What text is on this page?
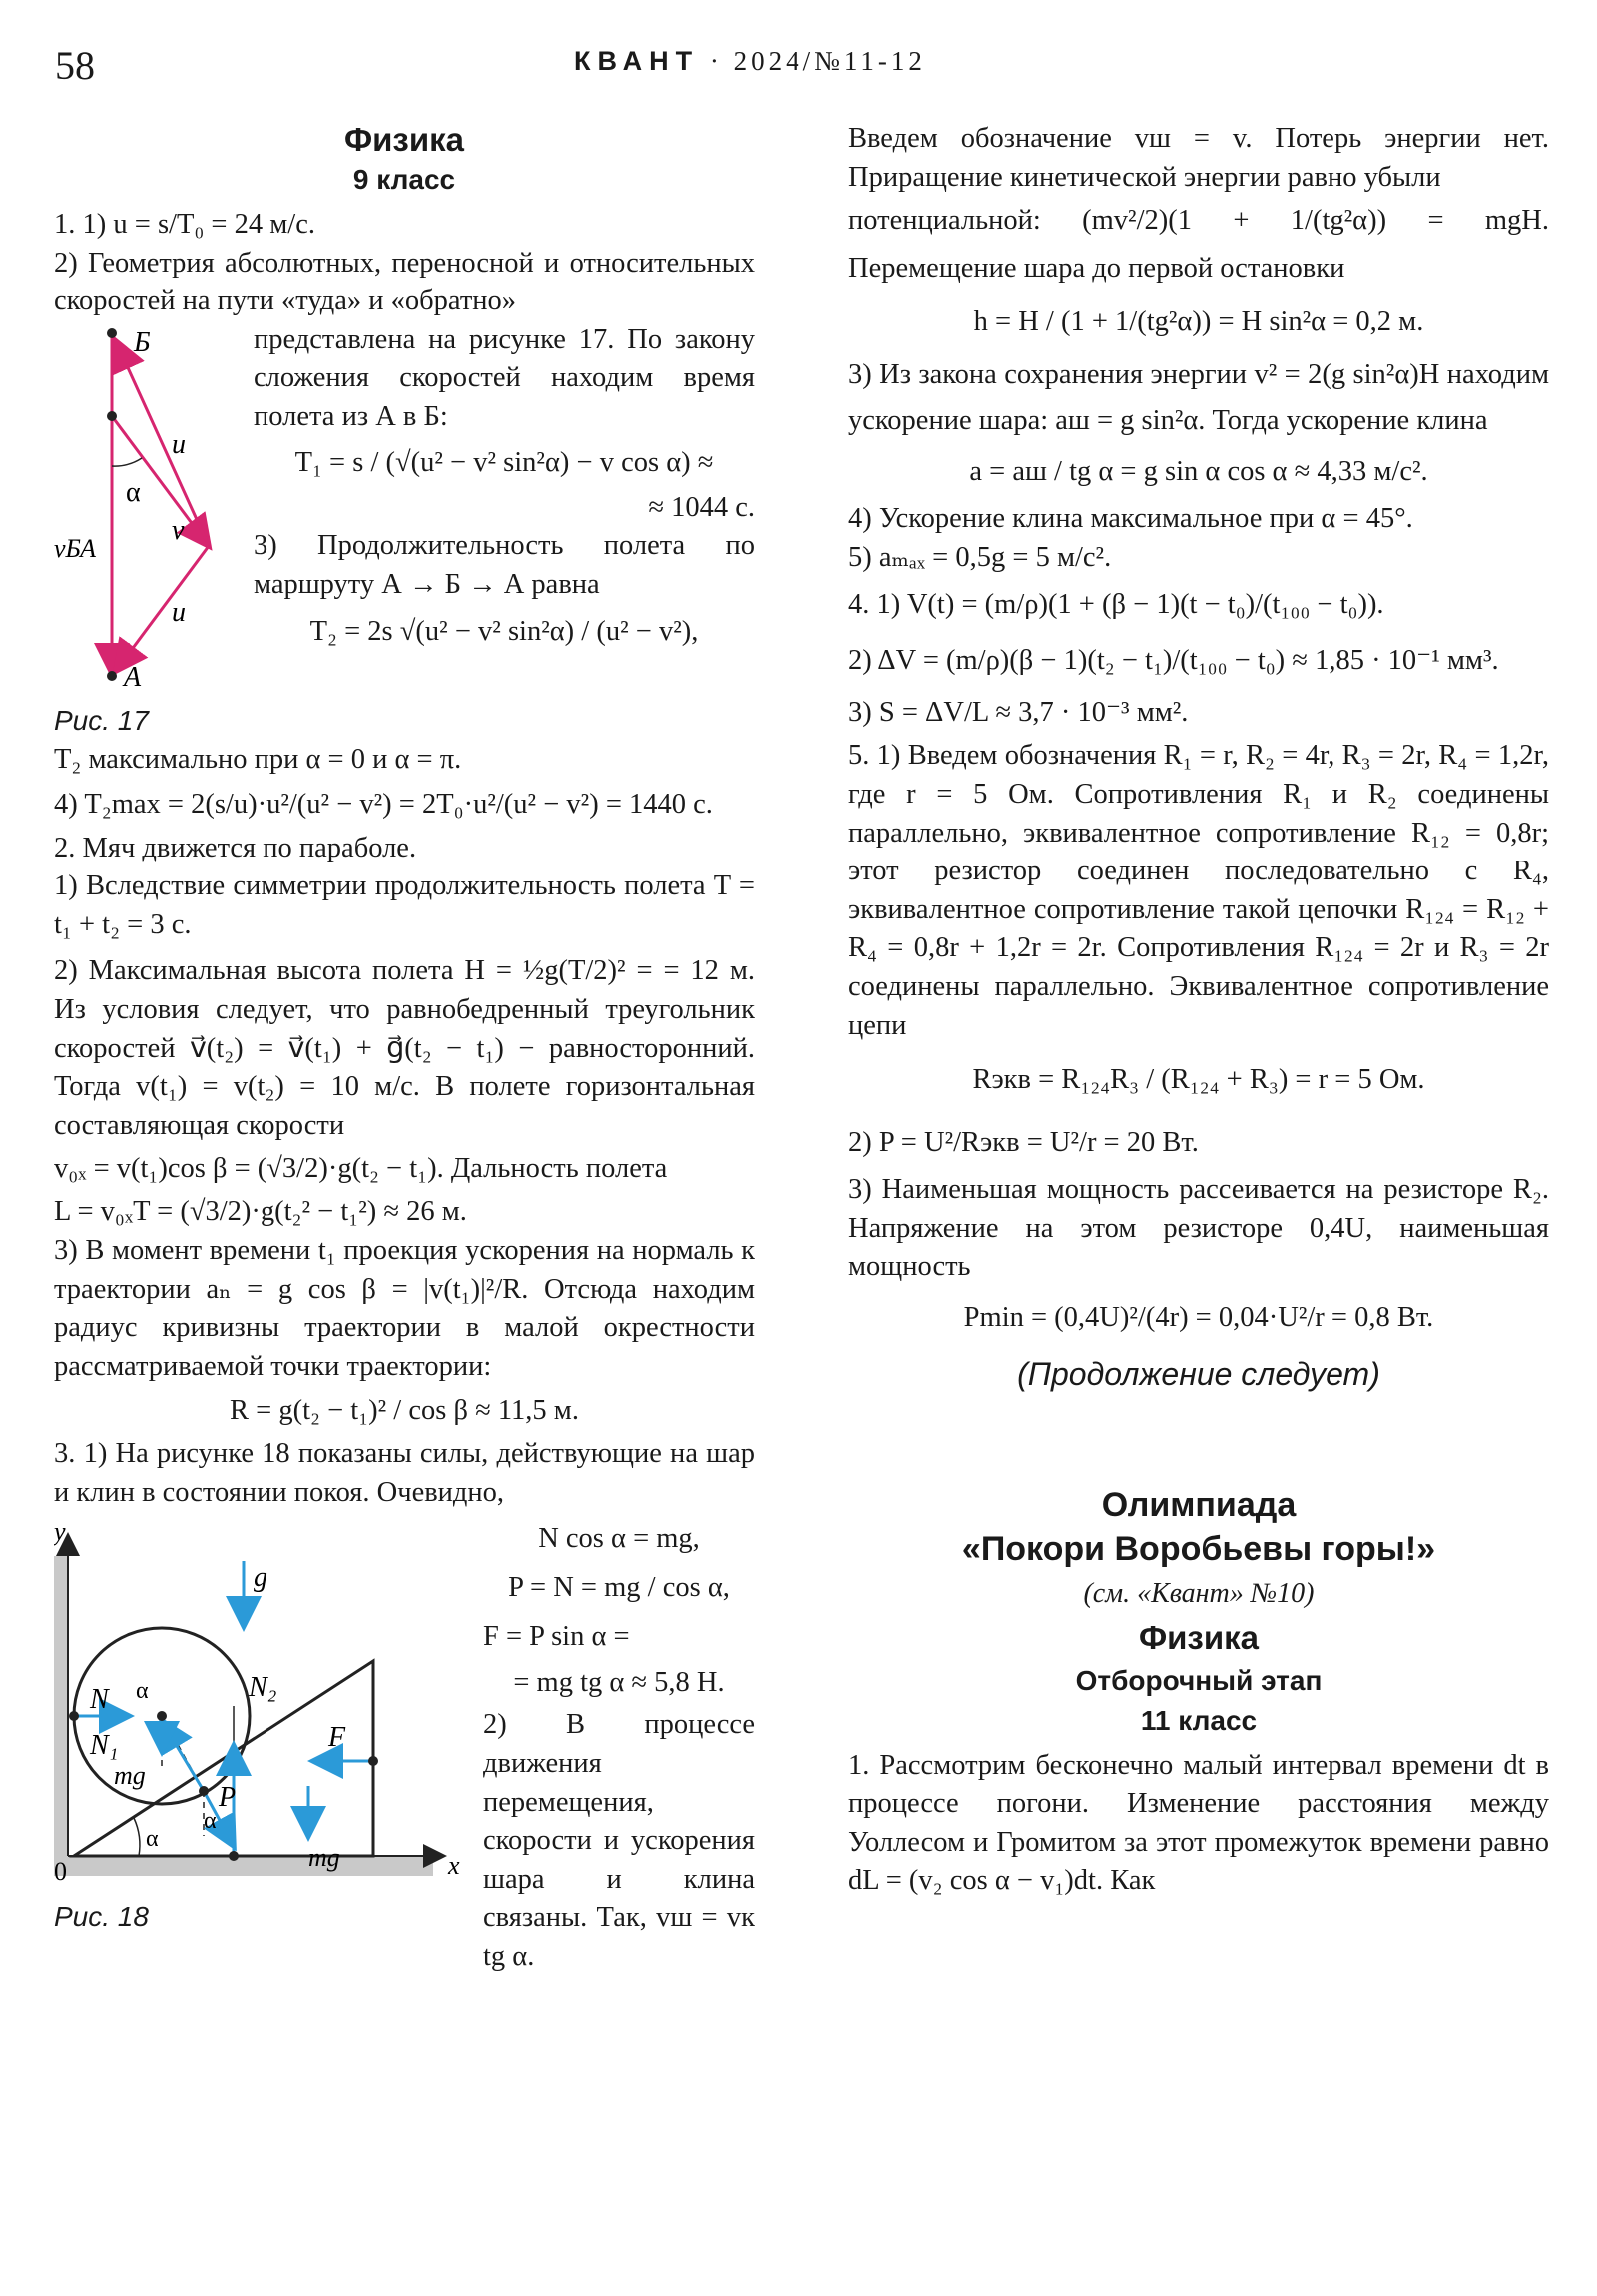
58	КВАНТ · 2024/№11-12
Физика
9 класс

1. 1) u = s/T₀ = 24 м/с.

2) Геометрия абсолютных, переносной и относительных скоростей на пути «туда» и «обратно»

Б
u
α
v
vБА
u
А
Рис. 17

представлена на рисунке 17. По закону сложения скоростей находим время полета из А в Б:

T₁ = s / (√(u² − v² sin²α) − v cos α) ≈

≈ 1044 с.

3) Продолжительность полета по маршруту А → Б → А равна

T₂ = 2s √(u² − v² sin²α) / (u² − v²),

T₂ максимально при α = 0 и α = π.

4) T₂max = 2(s/u)·u²/(u² − v²) = 2T₀·u²/(u² − v²) = 1440 с.

2. Мяч движется по параболе.

1) Вследствие симметрии продолжительность полета T = t₁ + t₂ = 3 с.

2) Максимальная высота полета H = ½g(T/2)² = = 12 м. Из условия следует, что равнобедренный треугольник скоростей v⃗(t₂) = v⃗(t₁) + g⃗(t₂ − t₁) − равносторонний. Тогда v(t₁) = v(t₂) = 10 м/с. В полете горизонтальная составляющая скорости

v₀ₓ = v(t₁)cos β = (√3/2)·g(t₂ − t₁). Дальность полета

L = v₀ₓT = (√3/2)·g(t₂² − t₁²) ≈ 26 м.

3) В момент времени t₁ проекция ускорения на нормаль к траектории aₙ = g cos β = |v(t₁)|²/R. Отсюда находим радиус кривизны траектории в малой окрестности рассматриваемой точки траектории:

R = g(t₂ − t₁)² / cos β ≈ 11,5 м.

3. 1) На рисунке 18 показаны силы, действующие на шар и клин в состоянии покоя. Очевидно,

y
x
0
g
N
N₁
N₂
mg
mg
P
F
α
α
α
Рис. 18

N cos α = mg,

P = N = mg / cos α,

F = P sin α =

= mg tg α ≈ 5,8 Н.

2) В процессе движения перемещения, скорости и ускорения шара и клина связаны. Так, vш = vк tg α.

Введем обозначение vш = v. Потерь энергии нет. Приращение кинетической энергии равно убыли

потенциальной: (mv²/2)(1 + 1/(tg²α)) = mgH. Перемещение шара до первой остановки

h = H / (1 + 1/(tg²α)) = H sin²α = 0,2 м.

3) Из закона сохранения энергии v² = 2(g sin²α)H находим ускорение шара: aш = g sin²α. Тогда ускорение клина

a = aш / tg α = g sin α cos α ≈ 4,33 м/с².

4) Ускорение клина максимальное при α = 45°.

5) aₘₐₓ = 0,5g = 5 м/с².

4. 1) V(t) = (m/ρ)(1 + (β − 1)(t − t₀)/(t₁₀₀ − t₀)).

2) ΔV = (m/ρ)(β − 1)(t₂ − t₁)/(t₁₀₀ − t₀) ≈ 1,85 · 10⁻¹ мм³.

3) S = ΔV/L ≈ 3,7 · 10⁻³ мм².

5. 1) Введем обозначения R₁ = r, R₂ = 4r, R₃ = 2r, R₄ = 1,2r, где r = 5 Ом. Сопротивления R₁ и R₂ соединены параллельно, эквивалентное сопротивление R₁₂ = 0,8r; этот резистор соединен последовательно с R₄, эквивалентное сопротивление такой цепочки R₁₂₄ = R₁₂ + R₄ = 0,8r + 1,2r = 2r. Сопротивления R₁₂₄ = 2r и R₃ = 2r соединены параллельно. Эквивалентное сопротивление цепи

Rэкв = R₁₂₄R₃ / (R₁₂₄ + R₃) = r = 5 Ом.

2) P = U²/Rэкв = U²/r = 20 Вт.

3) Наименьшая мощность рассеивается на резисторе R₂. Напряжение на этом резисторе 0,4U, наименьшая мощность

Pmin = (0,4U)²/(4r) = 0,04·U²/r = 0,8 Вт.

(Продолжение следует)
Олимпиада
«Покори Воробьевы горы!»
(см. «Квант» №10)
Физика
Отборочный этап
11 класс

1. Рассмотрим бесконечно малый интервал времени dt в процессе погони. Изменение расстояния между Уоллесом и Громитом за этот промежуток времени равно dL = (v₂ cos α − v₁)dt. Как
